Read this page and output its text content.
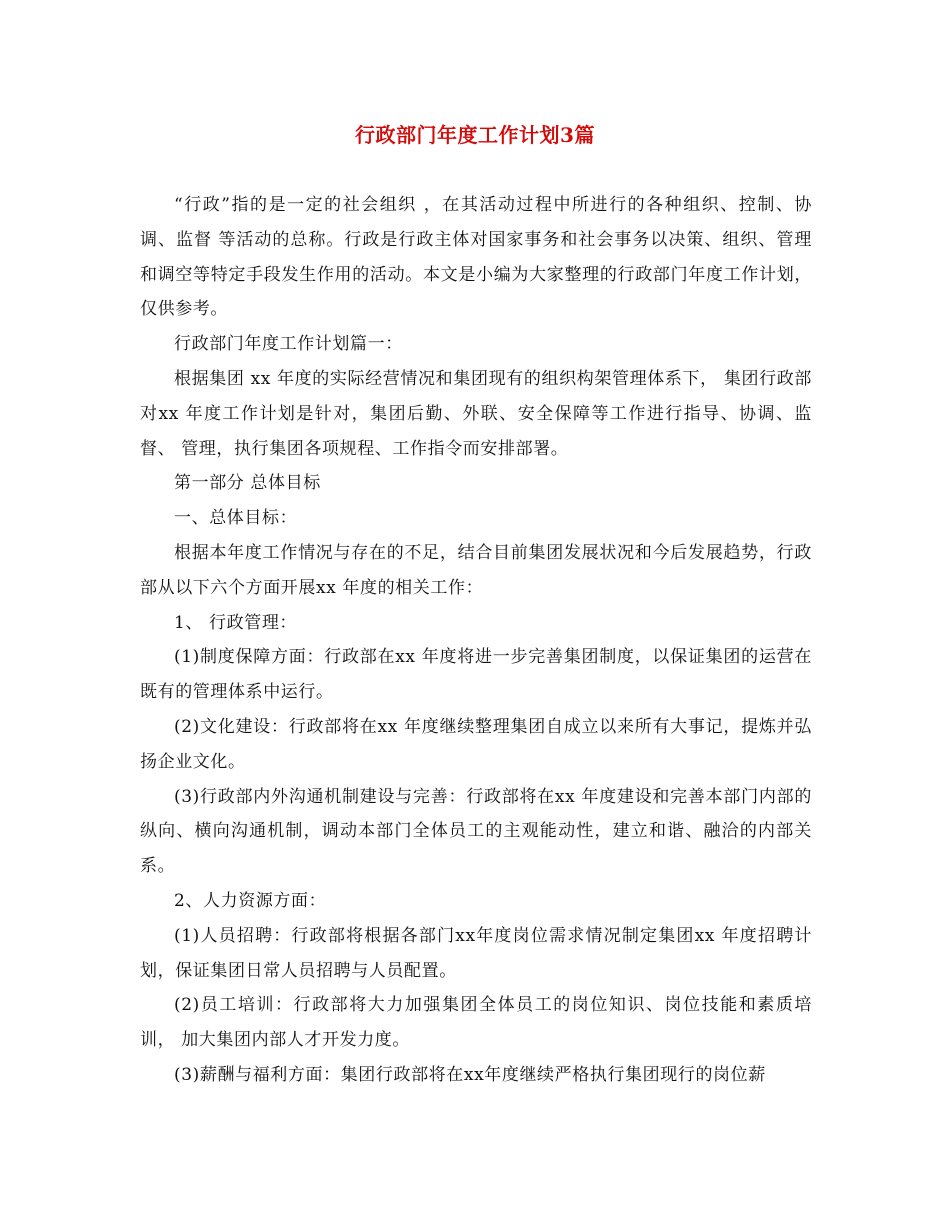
行政部门年度工作计划3篇

“行政”指的是一定的社会组织 ，在其活动过程中所进行的各种组织、控制、协调、监督 等活动的总称。行政是行政主体对国家事务和社会事务以决策、组织、管理和调空等特定手段发生作用的活动。本文是小编为大家整理的行政部门年度工作计划，仅供参考。

行政部门年度工作计划篇一：

根据集团 xx 年度的实际经营情况和集团现有的组织构架管理体系下， 集团行政部对xx 年度工作计划是针对，集团后勤、外联、安全保障等工作进行指导、协调、监督、 管理，执行集团各项规程、工作指令而安排部署。

第一部分 总体目标

一、总体目标：

根据本年度工作情况与存在的不足，结合目前集团发展状况和今后发展趋势，行政部从以下六个方面开展xx 年度的相关工作：

1、 行政管理：

(1)制度保障方面：行政部在xx 年度将进一步完善集团制度，以保证集团的运营在既有的管理体系中运行。

(2)文化建设：行政部将在xx 年度继续整理集团自成立以来所有大事记，提炼并弘扬企业文化。

(3)行政部内外沟通机制建设与完善：行政部将在xx 年度建设和完善本部门内部的纵向、横向沟通机制，调动本部门全体员工的主观能动性，建立和谐、融洽的内部关系。

2、人力资源方面：

(1)人员招聘：行政部将根据各部门xx年度岗位需求情况制定集团xx 年度招聘计划，保证集团日常人员招聘与人员配置。

(2)员工培训：行政部将大力加强集团全体员工的岗位知识、岗位技能和素质培训， 加大集团内部人才开发力度。

(3)薪酬与福利方面：集团行政部将在xx年度继续严格执行集团现行的岗位薪
